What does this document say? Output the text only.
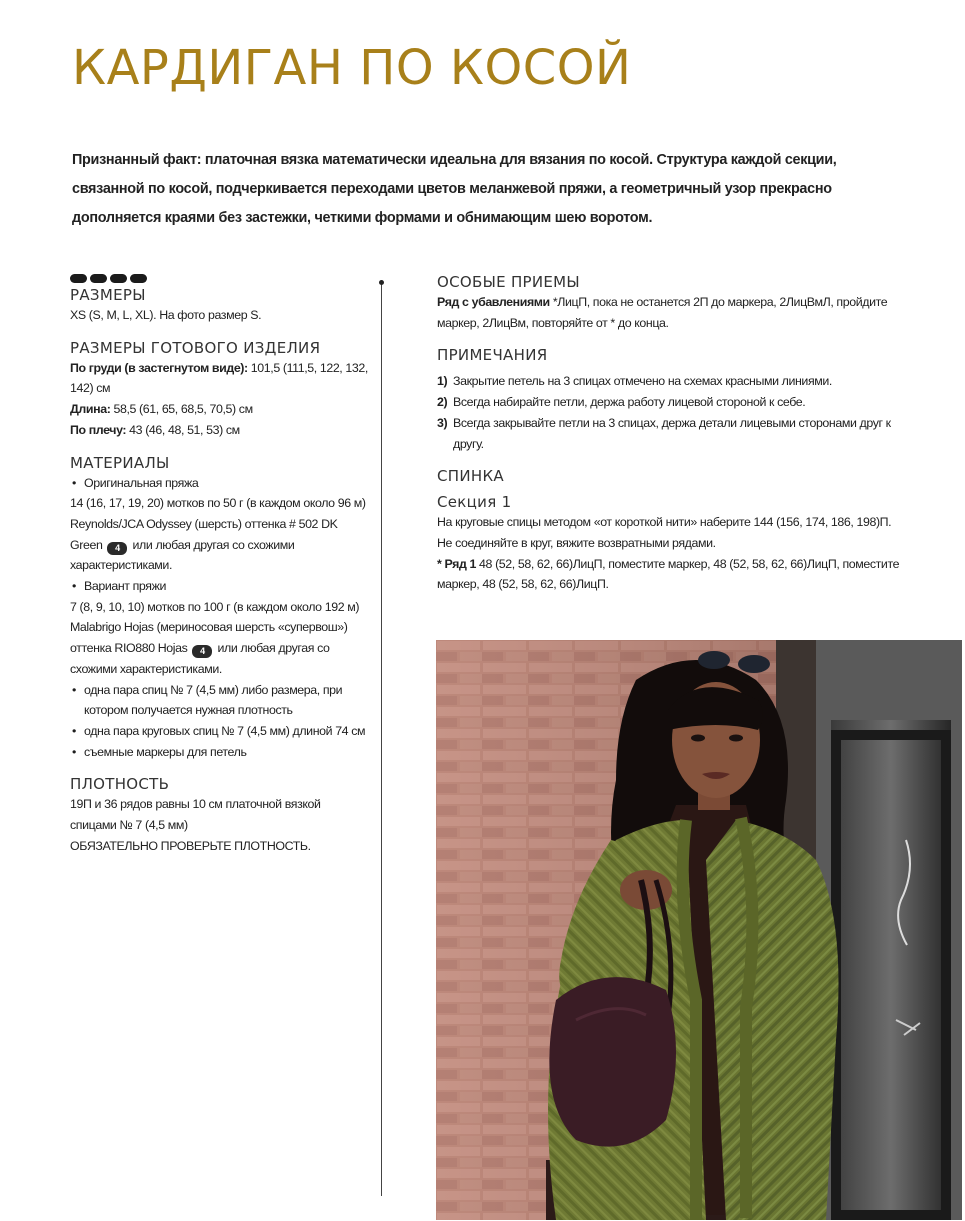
КАРДИГАН ПО КОСОЙ

Признанный факт: платочная вязка математически идеальна для вязания по косой. Структура каждой секции, связанной по косой, подчеркивается переходами цветов меланжевой пряжи, а геометричный узор прекрасно дополняется краями без застежки, четкими формами и обнимающим шею воротом.

РАЗМЕРЫ

XS (S, M, L, XL). На фото размер S.

РАЗМЕРЫ ГОТОВОГО ИЗДЕЛИЯ

По груди (в застегнутом виде): 101,5 (111,5, 122, 132, 142) см

Длина: 58,5 (61, 65, 68,5, 70,5) см

По плечу: 43 (46, 48, 51, 53) см

МАТЕРИАЛЫ

• Оригинальная пряжа

14 (16, 17, 19, 20) мотков по 50 г (в каждом около 96 м) Reynolds/JCA Odyssey (шерсть) оттенка # 502 DK Green 4 или любая другая со схожими характеристиками.

• Вариант пряжи

7 (8, 9, 10, 10) мотков по 100 г (в каждом около 192 м) Malabrigo Hojas (мериносовая шерсть «супервош») оттенка RIO880 Hojas 4 или любая другая со схожими характеристиками.

• одна пара спиц № 7 (4,5 мм) либо размера, при котором получается нужная плотность
• одна пара круговых спиц № 7 (4,5 мм) длиной 74 см
• съемные маркеры для петель

ПЛОТНОСТЬ

19П и 36 рядов равны 10 см платочной вязкой спицами № 7 (4,5 мм)

ОБЯЗАТЕЛЬНО ПРОВЕРЬТЕ ПЛОТНОСТЬ.

ОСОБЫЕ ПРИЕМЫ

Ряд с убавлениями *ЛицП, пока не останется 2П до маркера, 2ЛицВмЛ, пройдите маркер, 2ЛицВм, повторяйте от * до конца.

ПРИМЕЧАНИЯ

1) Закрытие петель на 3 спицах отмечено на схемах красными линиями.
2) Всегда набирайте петли, держа работу лицевой стороной к себе.
3) Всегда закрывайте петли на 3 спицах, держа детали лицевыми сторонами друг к другу.

СПИНКА

Секция 1

На круговые спицы методом «от короткой нити» наберите 144 (156, 174, 186, 198)П. Не соединяйте в круг, вяжите возвратными рядами.

* Ряд 1 48 (52, 58, 62, 66)ЛицП, поместите маркер, 48 (52, 58, 62, 66)ЛицП, поместите маркер, 48 (52, 58, 62, 66)ЛицП.
